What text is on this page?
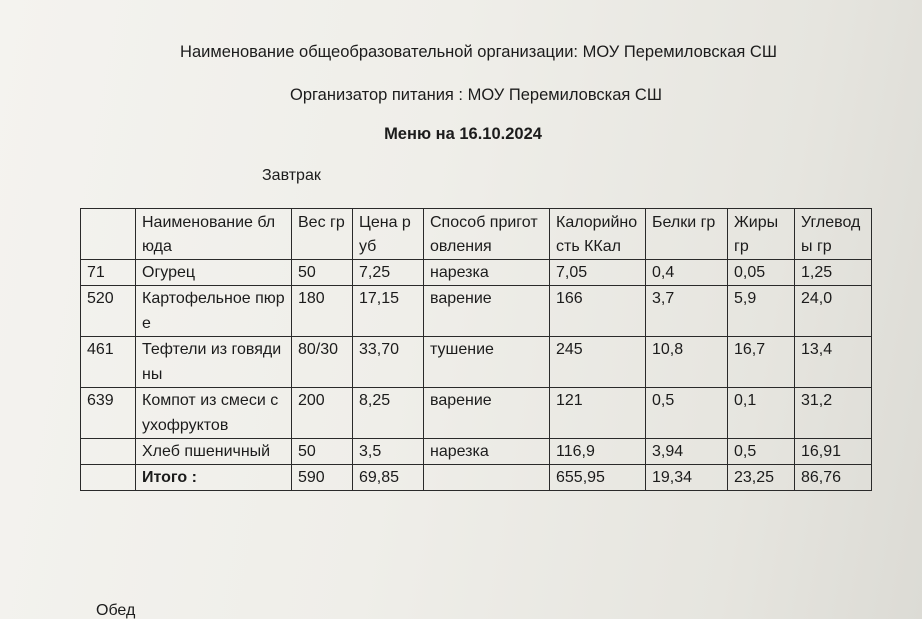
Наименование общеобразовательной организации: МОУ Перемиловская СШ
Организатор питания : МОУ Перемиловская СШ
Меню на 16.10.2024
Завтрак
	Наименование блюда	Вес гр	Цена руб	Способ приготовления	Калорийность ККал	Белки гр	Жиры гр	Углеводы гр
71	Огурец	50	7,25	нарезка	7,05	0,4	0,05	1,25
520	Картофельное пюре	180	17,15	варение	166	3,7	5,9	24,0
461	Тефтели из говядины	80/30	33,70	тушение	245	10,8	16,7	13,4
639	Компот из смеси сухофруктов	200	8,25	варение	121	0,5	0,1	31,2
	Хлеб пшеничный	50	3,5	нарезка	116,9	3,94	0,5	16,91
	Итого :	590	69,85		655,95	19,34	23,25	86,76
Обед
